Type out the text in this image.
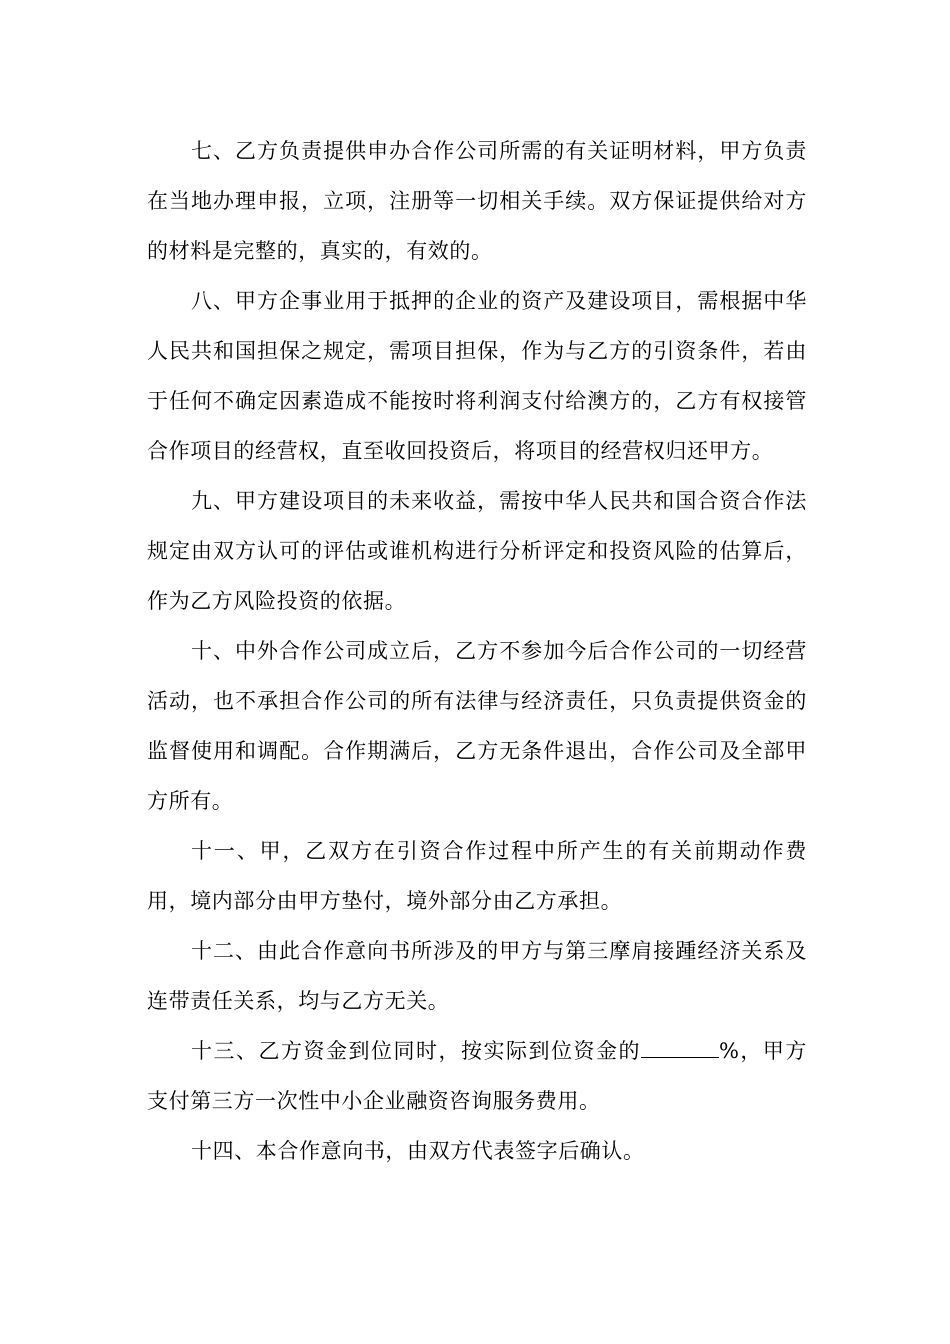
七、乙方负责提供申办合作公司所需的有关证明材料，甲方负责在当地办理申报，立项，注册等一切相关手续。双方保证提供给对方的材料是完整的，真实的，有效的。

八、甲方企事业用于抵押的企业的资产及建设项目，需根据中华人民共和国担保之规定，需项目担保，作为与乙方的引资条件，若由于任何不确定因素造成不能按时将利润支付给澳方的，乙方有权接管合作项目的经营权，直至收回投资后，将项目的经营权归还甲方。

九、甲方建设项目的未来收益，需按中华人民共和国合资合作法规定由双方认可的评估或谁机构进行分析评定和投资风险的估算后，作为乙方风险投资的依据。

十、中外合作公司成立后，乙方不参加今后合作公司的一切经营活动，也不承担合作公司的所有法律与经济责任，只负责提供资金的监督使用和调配。合作期满后，乙方无条件退出，合作公司及全部甲方所有。

十一、甲，乙双方在引资合作过程中所产生的有关前期动作费用，境内部分由甲方垫付，境外部分由乙方承担。

十二、由此合作意向书所涉及的甲方与第三摩肩接踵经济关系及连带责任关系，均与乙方无关。

十三、乙方资金到位同时，按实际到位资金的	%，甲方支付第三方一次性中小企业融资咨询服务费用。

十四、本合作意向书，由双方代表签字后确认。
